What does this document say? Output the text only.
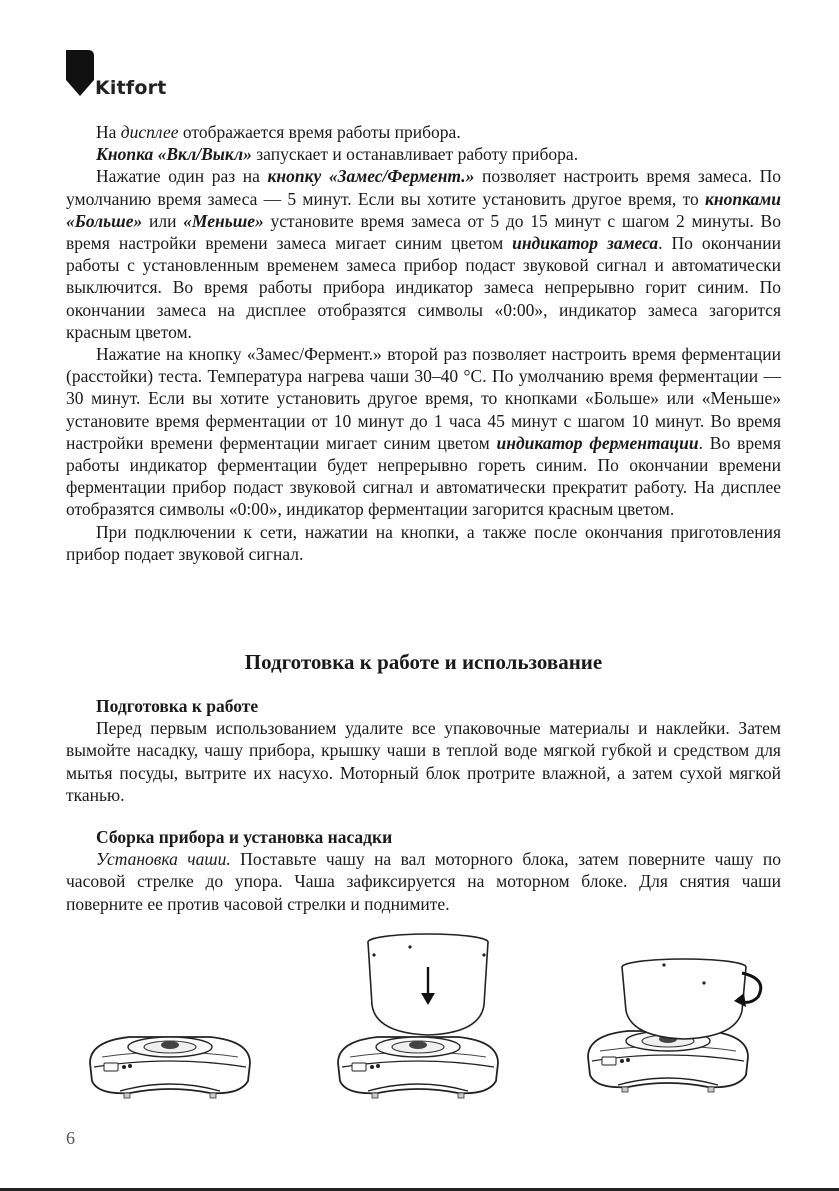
Kitfort

На дисплее отображается время работы прибора.

Кнопка «Вкл/Выкл» запускает и останавливает работу прибора.

Нажатие один раз на кнопку «Замес/Фермент.» позволяет настроить время замеса. По умолчанию время замеса — 5 минут. Если вы хотите установить другое время, то кнопками «Больше» или «Меньше» установите время замеса от 5 до 15 минут с шагом 2 минуты. Во время настройки времени замеса мигает синим цветом индикатор замеса. По окончании работы с установленным временем замеса прибор подаст звуковой сигнал и автоматически выключится. Во время работы прибора индикатор замеса непрерывно горит синим. По окончании замеса на дисплее отобразятся символы «0:00», индикатор замеса загорится красным цветом.

Нажатие на кнопку «Замес/Фермент.» второй раз позволяет настроить время ферментации (расстойки) теста. Температура нагрева чаши 30–40 °C. По умолчанию время ферментации — 30 минут. Если вы хотите установить другое время, то кнопками «Больше» или «Меньше» установите время ферментации от 10 минут до 1 часа 45 минут с шагом 10 минут. Во время настройки времени ферментации мигает синим цветом индикатор ферментации. Во время работы индикатор ферментации будет непрерывно гореть синим. По окончании времени ферментации прибор подаст звуковой сигнал и автоматически прекратит работу. На дисплее отобразятся символы «0:00», индикатор ферментации загорится красным цветом.

При подключении к сети, нажатии на кнопки, а также после окончания приготовления прибор подает звуковой сигнал.

Подготовка к работе и использование

Подготовка к работе

Перед первым использованием удалите все упаковочные материалы и наклейки. Затем вымойте насадку, чашу прибора, крышку чаши в теплой воде мягкой губкой и средством для мытья посуды, вытрите их насухо. Моторный блок протрите влажной, а затем сухой мягкой тканью.

Сборка прибора и установка насадки

Установка чаши. Поставьте чашу на вал моторного блока, затем поверните чашу по часовой стрелке до упора. Чаша зафиксируется на моторном блоке. Для снятия чаши поверните ее против часовой стрелки и поднимите.

6
